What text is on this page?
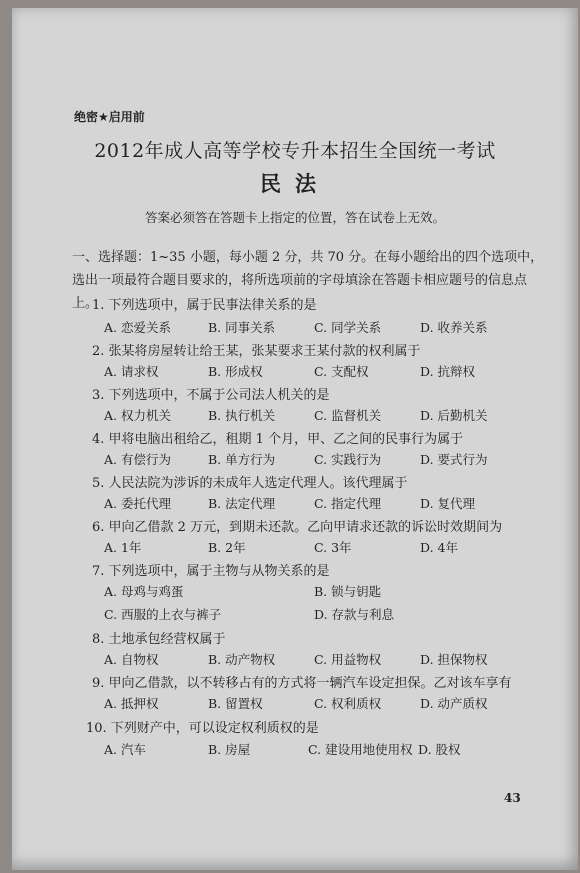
绝密★启用前
2012年成人高等学校专升本招生全国统一考试
民法
答案必须答在答题卡上指定的位置，答在试卷上无效。
一、选择题：1~35 小题，每小题 2 分，共 70 分。在每小题给出的四个选项中，选出一项最符合题目要求的，将所选项前的字母填涂在答题卡相应题号的信息点上。
1. 下列选项中，属于民事法律关系的是
A. 恋爱关系	B. 同事关系	C. 同学关系	D. 收养关系
2. 张某将房屋转让给王某，张某要求王某付款的权利属于
A. 请求权	B. 形成权	C. 支配权	D. 抗辩权
3. 下列选项中，不属于公司法人机关的是
A. 权力机关	B. 执行机关	C. 监督机关	D. 后勤机关
4. 甲将电脑出租给乙，租期 1 个月，甲、乙之间的民事行为属于
A. 有偿行为	B. 单方行为	C. 实践行为	D. 要式行为
5. 人民法院为涉诉的未成年人选定代理人。该代理属于
A. 委托代理	B. 法定代理	C. 指定代理	D. 复代理
6. 甲向乙借款 2 万元，到期未还款。乙向甲请求还款的诉讼时效期间为
A. 1年	B. 2年	C. 3年	D. 4年
7. 下列选项中，属于主物与从物关系的是
A. 母鸡与鸡蛋	B. 锁与钥匙
C. 西服的上衣与裤子	D. 存款与利息
8. 土地承包经营权属于
A. 自物权	B. 动产物权	C. 用益物权	D. 担保物权
9. 甲向乙借款，以不转移占有的方式将一辆汽车设定担保。乙对该车享有
A. 抵押权	B. 留置权	C. 权利质权	D. 动产质权
10. 下列财产中，可以设定权利质权的是
A. 汽车	B. 房屋	C. 建设用地使用权 D. 股权
43
